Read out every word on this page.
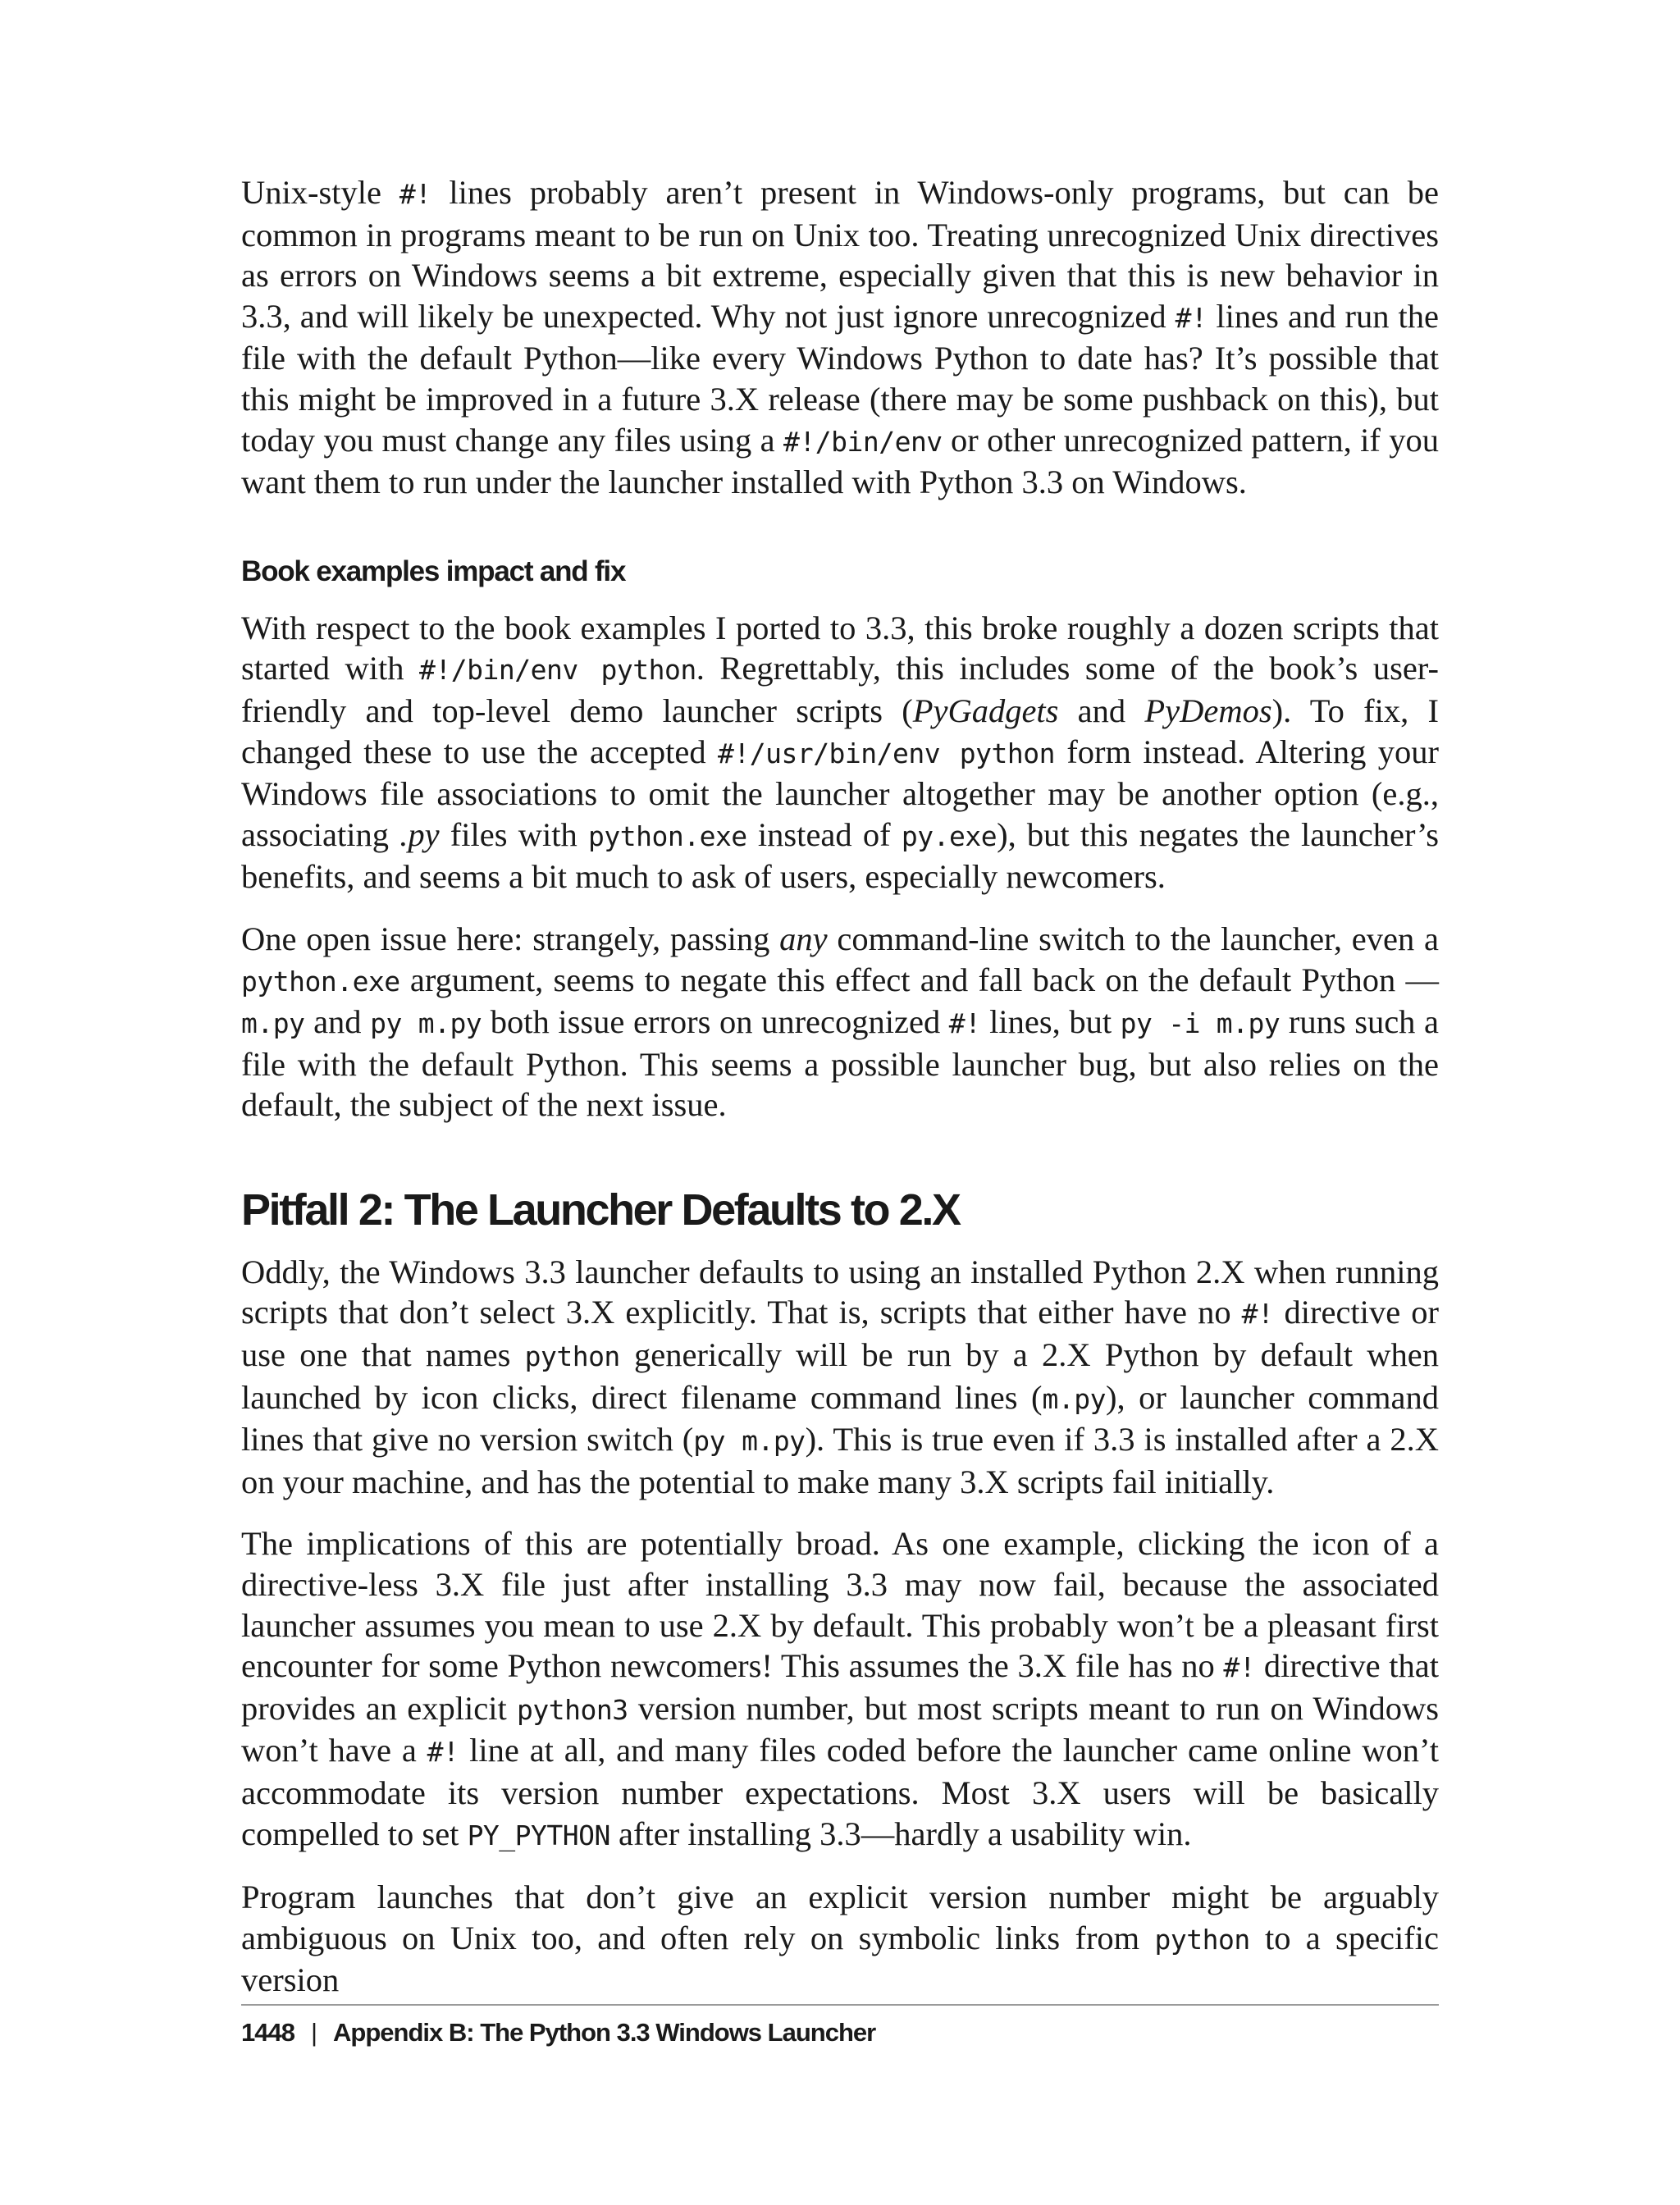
Unix-style #! lines probably aren’t present in Windows-only programs, but can be common in programs meant to be run on Unix too. Treating unrecognized Unix directives as errors on Windows seems a bit extreme, especially given that this is new behavior in 3.3, and will likely be unexpected. Why not just ignore unrecognized #! lines and run the file with the default Python—like every Windows Python to date has? It’s possible that this might be improved in a future 3.X release (there may be some pushback on this), but today you must change any files using a #!/bin/env or other unrecognized pattern, if you want them to run under the launcher installed with Python 3.3 on Windows.

Book examples impact and fix

With respect to the book examples I ported to 3.3, this broke roughly a dozen scripts that started with #!/bin/env python. Regrettably, this includes some of the book’s user-friendly and top-level demo launcher scripts (PyGadgets and PyDemos). To fix, I changed these to use the accepted #!/usr/bin/env python form instead. Altering your Windows file associations to omit the launcher altogether may be another option (e.g., associating .py files with python.exe instead of py.exe), but this negates the launcher’s benefits, and seems a bit much to ask of users, especially newcomers.

One open issue here: strangely, passing any command-line switch to the launcher, even a python.exe argument, seems to negate this effect and fall back on the default Python —m.py and py m.py both issue errors on unrecognized #! lines, but py -i m.py runs such a file with the default Python. This seems a possible launcher bug, but also relies on the default, the subject of the next issue.

Pitfall 2: The Launcher Defaults to 2.X

Oddly, the Windows 3.3 launcher defaults to using an installed Python 2.X when running scripts that don’t select 3.X explicitly. That is, scripts that either have no #! directive or use one that names python generically will be run by a 2.X Python by default when launched by icon clicks, direct filename command lines (m.py), or launcher command lines that give no version switch (py m.py). This is true even if 3.3 is installed after a 2.X on your machine, and has the potential to make many 3.X scripts fail initially.

The implications of this are potentially broad. As one example, clicking the icon of a directive-less 3.X file just after installing 3.3 may now fail, because the associated launcher assumes you mean to use 2.X by default. This probably won’t be a pleasant first encounter for some Python newcomers! This assumes the 3.X file has no #! directive that provides an explicit python3 version number, but most scripts meant to run on Windows won’t have a #! line at all, and many files coded before the launcher came online won’t accommodate its version number expectations. Most 3.X users will be basically compelled to set PY_PYTHON after installing 3.3—hardly a usability win.

Program launches that don’t give an explicit version number might be arguably ambiguous on Unix too, and often rely on symbolic links from python to a specific version

1448 | Appendix B: The Python 3.3 Windows Launcher
